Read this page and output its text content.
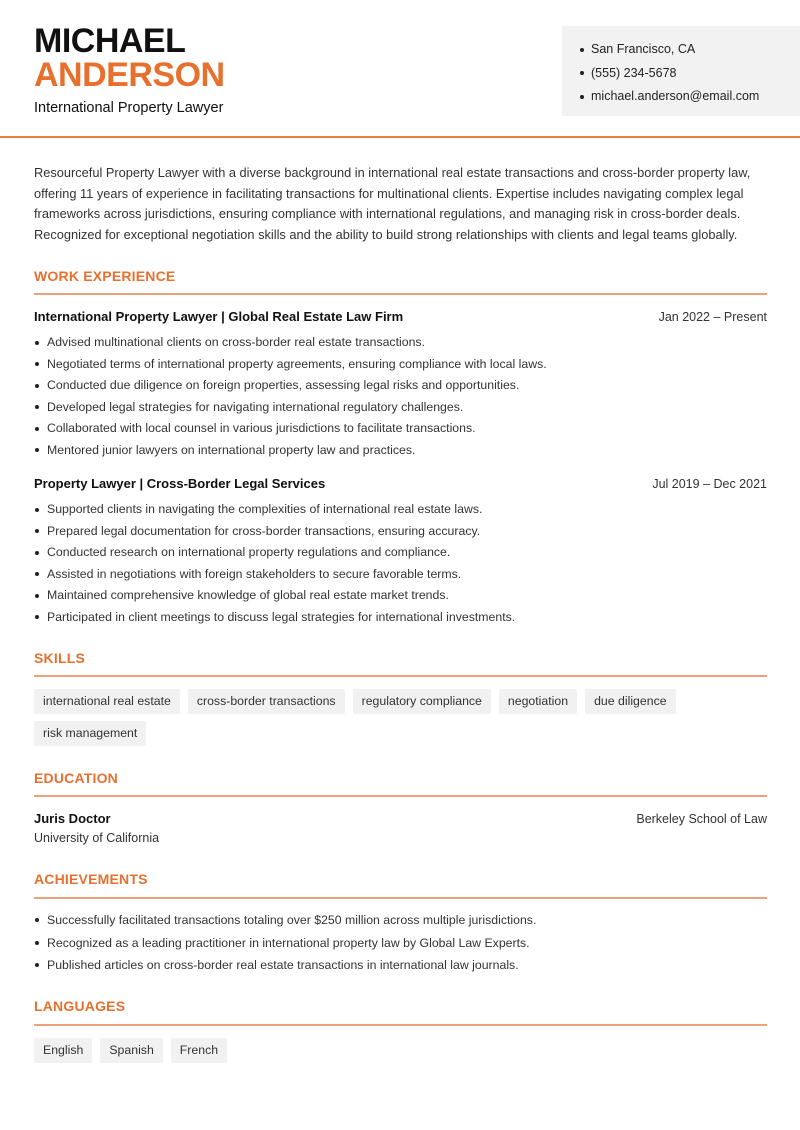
MICHAEL
ANDERSON
International Property Lawyer
San Francisco, CA
(555) 234-5678
michael.anderson@email.com

Resourceful Property Lawyer with a diverse background in international real estate transactions and cross-border property law, offering 11 years of experience in facilitating transactions for multinational clients. Expertise includes navigating complex legal frameworks across jurisdictions, ensuring compliance with international regulations, and managing risk in cross-border deals. Recognized for exceptional negotiation skills and the ability to build strong relationships with clients and legal teams globally.

WORK EXPERIENCE
International Property Lawyer | Global Real Estate Law Firm	Jan 2022 – Present
Advised multinational clients on cross-border real estate transactions.
Negotiated terms of international property agreements, ensuring compliance with local laws.
Conducted due diligence on foreign properties, assessing legal risks and opportunities.
Developed legal strategies for navigating international regulatory challenges.
Collaborated with local counsel in various jurisdictions to facilitate transactions.
Mentored junior lawyers on international property law and practices.
Property Lawyer | Cross-Border Legal Services	Jul 2019 – Dec 2021
Supported clients in navigating the complexities of international real estate laws.
Prepared legal documentation for cross-border transactions, ensuring accuracy.
Conducted research on international property regulations and compliance.
Assisted in negotiations with foreign stakeholders to secure favorable terms.
Maintained comprehensive knowledge of global real estate market trends.
Participated in client meetings to discuss legal strategies for international investments.
SKILLS
international real estate	cross-border transactions	regulatory compliance	negotiation	due diligence
risk management
EDUCATION
Juris Doctor	Berkeley School of Law
University of California
ACHIEVEMENTS
Successfully facilitated transactions totaling over $250 million across multiple jurisdictions.
Recognized as a leading practitioner in international property law by Global Law Experts.
Published articles on cross-border real estate transactions in international law journals.
LANGUAGES
English	Spanish	French
